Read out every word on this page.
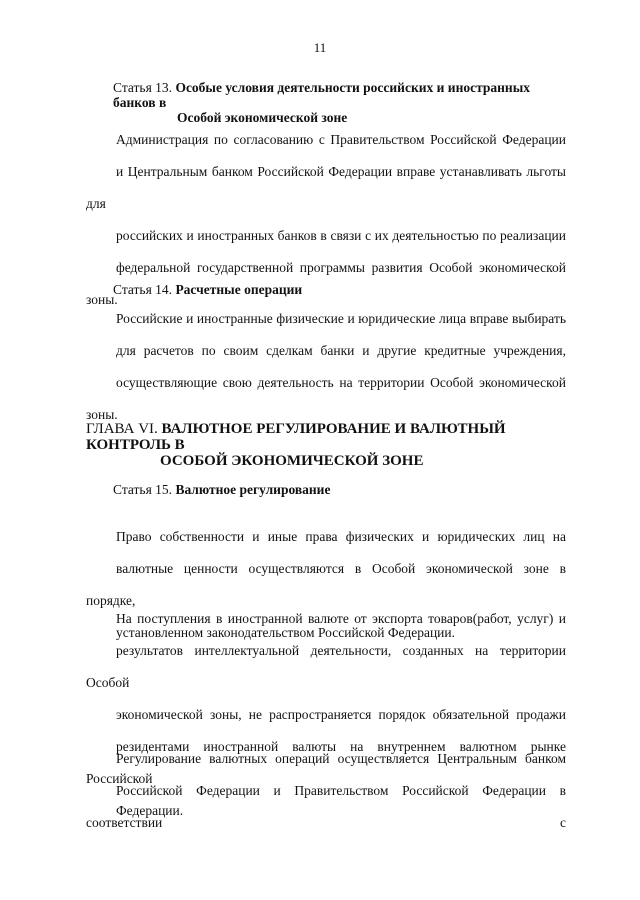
11
Статья 13. Особые условия деятельности российских и иностранных банков в
Особой экономической зоне
Администрация по согласованию с Правительством Российской Федерации
и Центральным банком Российской Федерации вправе устанавливать льготы для
российских и иностранных банков в связи с их деятельностью по реализации
федеральной государственной программы развития Особой экономической зоны.
Статья 14. Расчетные операции
Российские и иностранные физические и юридические лица вправе выбирать
для расчетов по своим сделкам банки и другие кредитные учреждения,
осуществляющие свою деятельность на территории Особой экономической зоны.
ГЛАВА VI. ВАЛЮТНОЕ РЕГУЛИРОВАНИЕ И ВАЛЮТНЫЙ КОНТРОЛЬ В
ОСОБОЙ ЭКОНОМИЧЕСКОЙ ЗОНЕ
Статья 15. Валютное регулирование
Право собственности и иные права физических и юридических лиц на
валютные ценности осуществляются в Особой экономической зоне в порядке,
установленном законодательством Российской Федерации.
На поступления в иностранной валюте от экспорта товаров(работ, услуг) и
результатов интеллектуальной деятельности, созданных на территории Особой
экономической зоны, не распространяется порядок обязательной продажи
резидентами иностранной валюты на внутреннем валютном рынке Российской
Федерации.
Регулирование валютных операций осуществляется Центральным банком
Российской Федерации и Правительством Российской Федерации в соответствии с
